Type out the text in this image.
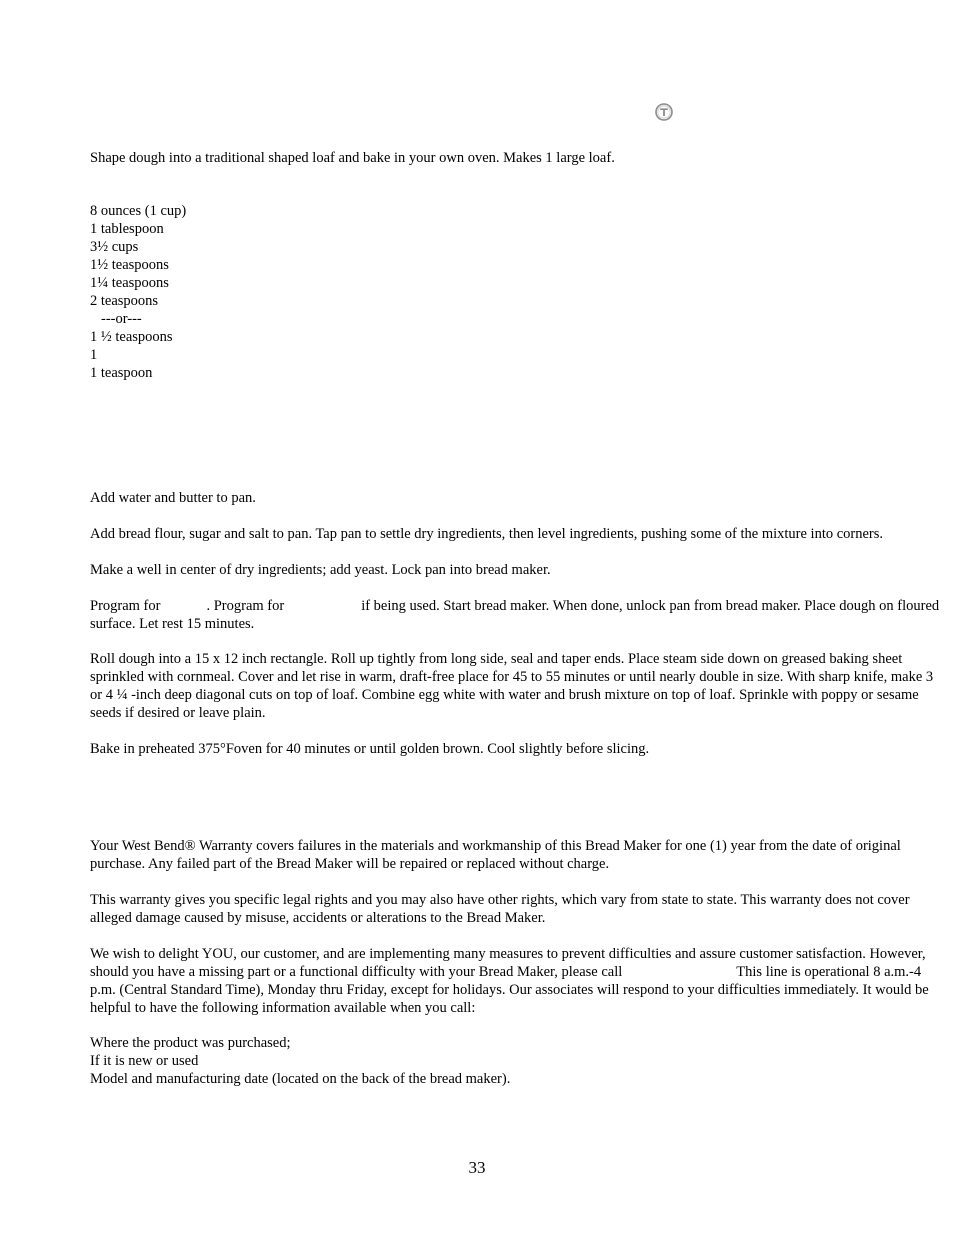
Shape dough into a traditional shaped loaf and bake in your own oven. Makes 1 large loaf.
8 ounces (1 cup)
1 tablespoon
3½ cups
1½ teaspoons
1¼ teaspoons
2 teaspoons
---or---
1 ½ teaspoons
1
1 teaspoon
Add water and butter to pan.
Add bread flour, sugar and salt to pan. Tap pan to settle dry ingredients, then level ingredients, pushing some of the mixture into corners.
Make a well in center of dry ingredients; add yeast. Lock pan into bread maker.
Program for	. Program for	if being used. Start bread maker. When done, unlock pan from bread maker. Place dough on floured surface. Let rest 15 minutes.
Roll dough into a 15 x 12 inch rectangle. Roll up tightly from long side, seal and taper ends. Place steam side down on greased baking sheet sprinkled with cornmeal. Cover and let rise in warm, draft-free place for 45 to 55 minutes or until nearly double in size. With sharp knife, make 3 or 4 ¼ -inch deep diagonal cuts on top of loaf. Combine egg white with water and brush mixture on top of loaf. Sprinkle with poppy or sesame seeds if desired or leave plain.
Bake in preheated 375°Foven for 40 minutes or until golden brown. Cool slightly before slicing.
Your West Bend® Warranty covers failures in the materials and workmanship of this Bread Maker for one (1) year from the date of original purchase. Any failed part of the Bread Maker will be repaired or replaced without charge.
This warranty gives you specific legal rights and you may also have other rights, which vary from state to state. This warranty does not cover alleged damage caused by misuse, accidents or alterations to the Bread Maker.
We wish to delight YOU, our customer, and are implementing many measures to prevent difficulties and assure customer satisfaction. However, should you have a missing part or a functional difficulty with your Bread Maker, please call	This line is operational 8 a.m.-4 p.m. (Central Standard Time), Monday thru Friday, except for holidays. Our associates will respond to your difficulties immediately. It would be helpful to have the following information available when you call:
Where the product was purchased;
If it is new or used
Model and manufacturing date (located on the back of the bread maker).
33
